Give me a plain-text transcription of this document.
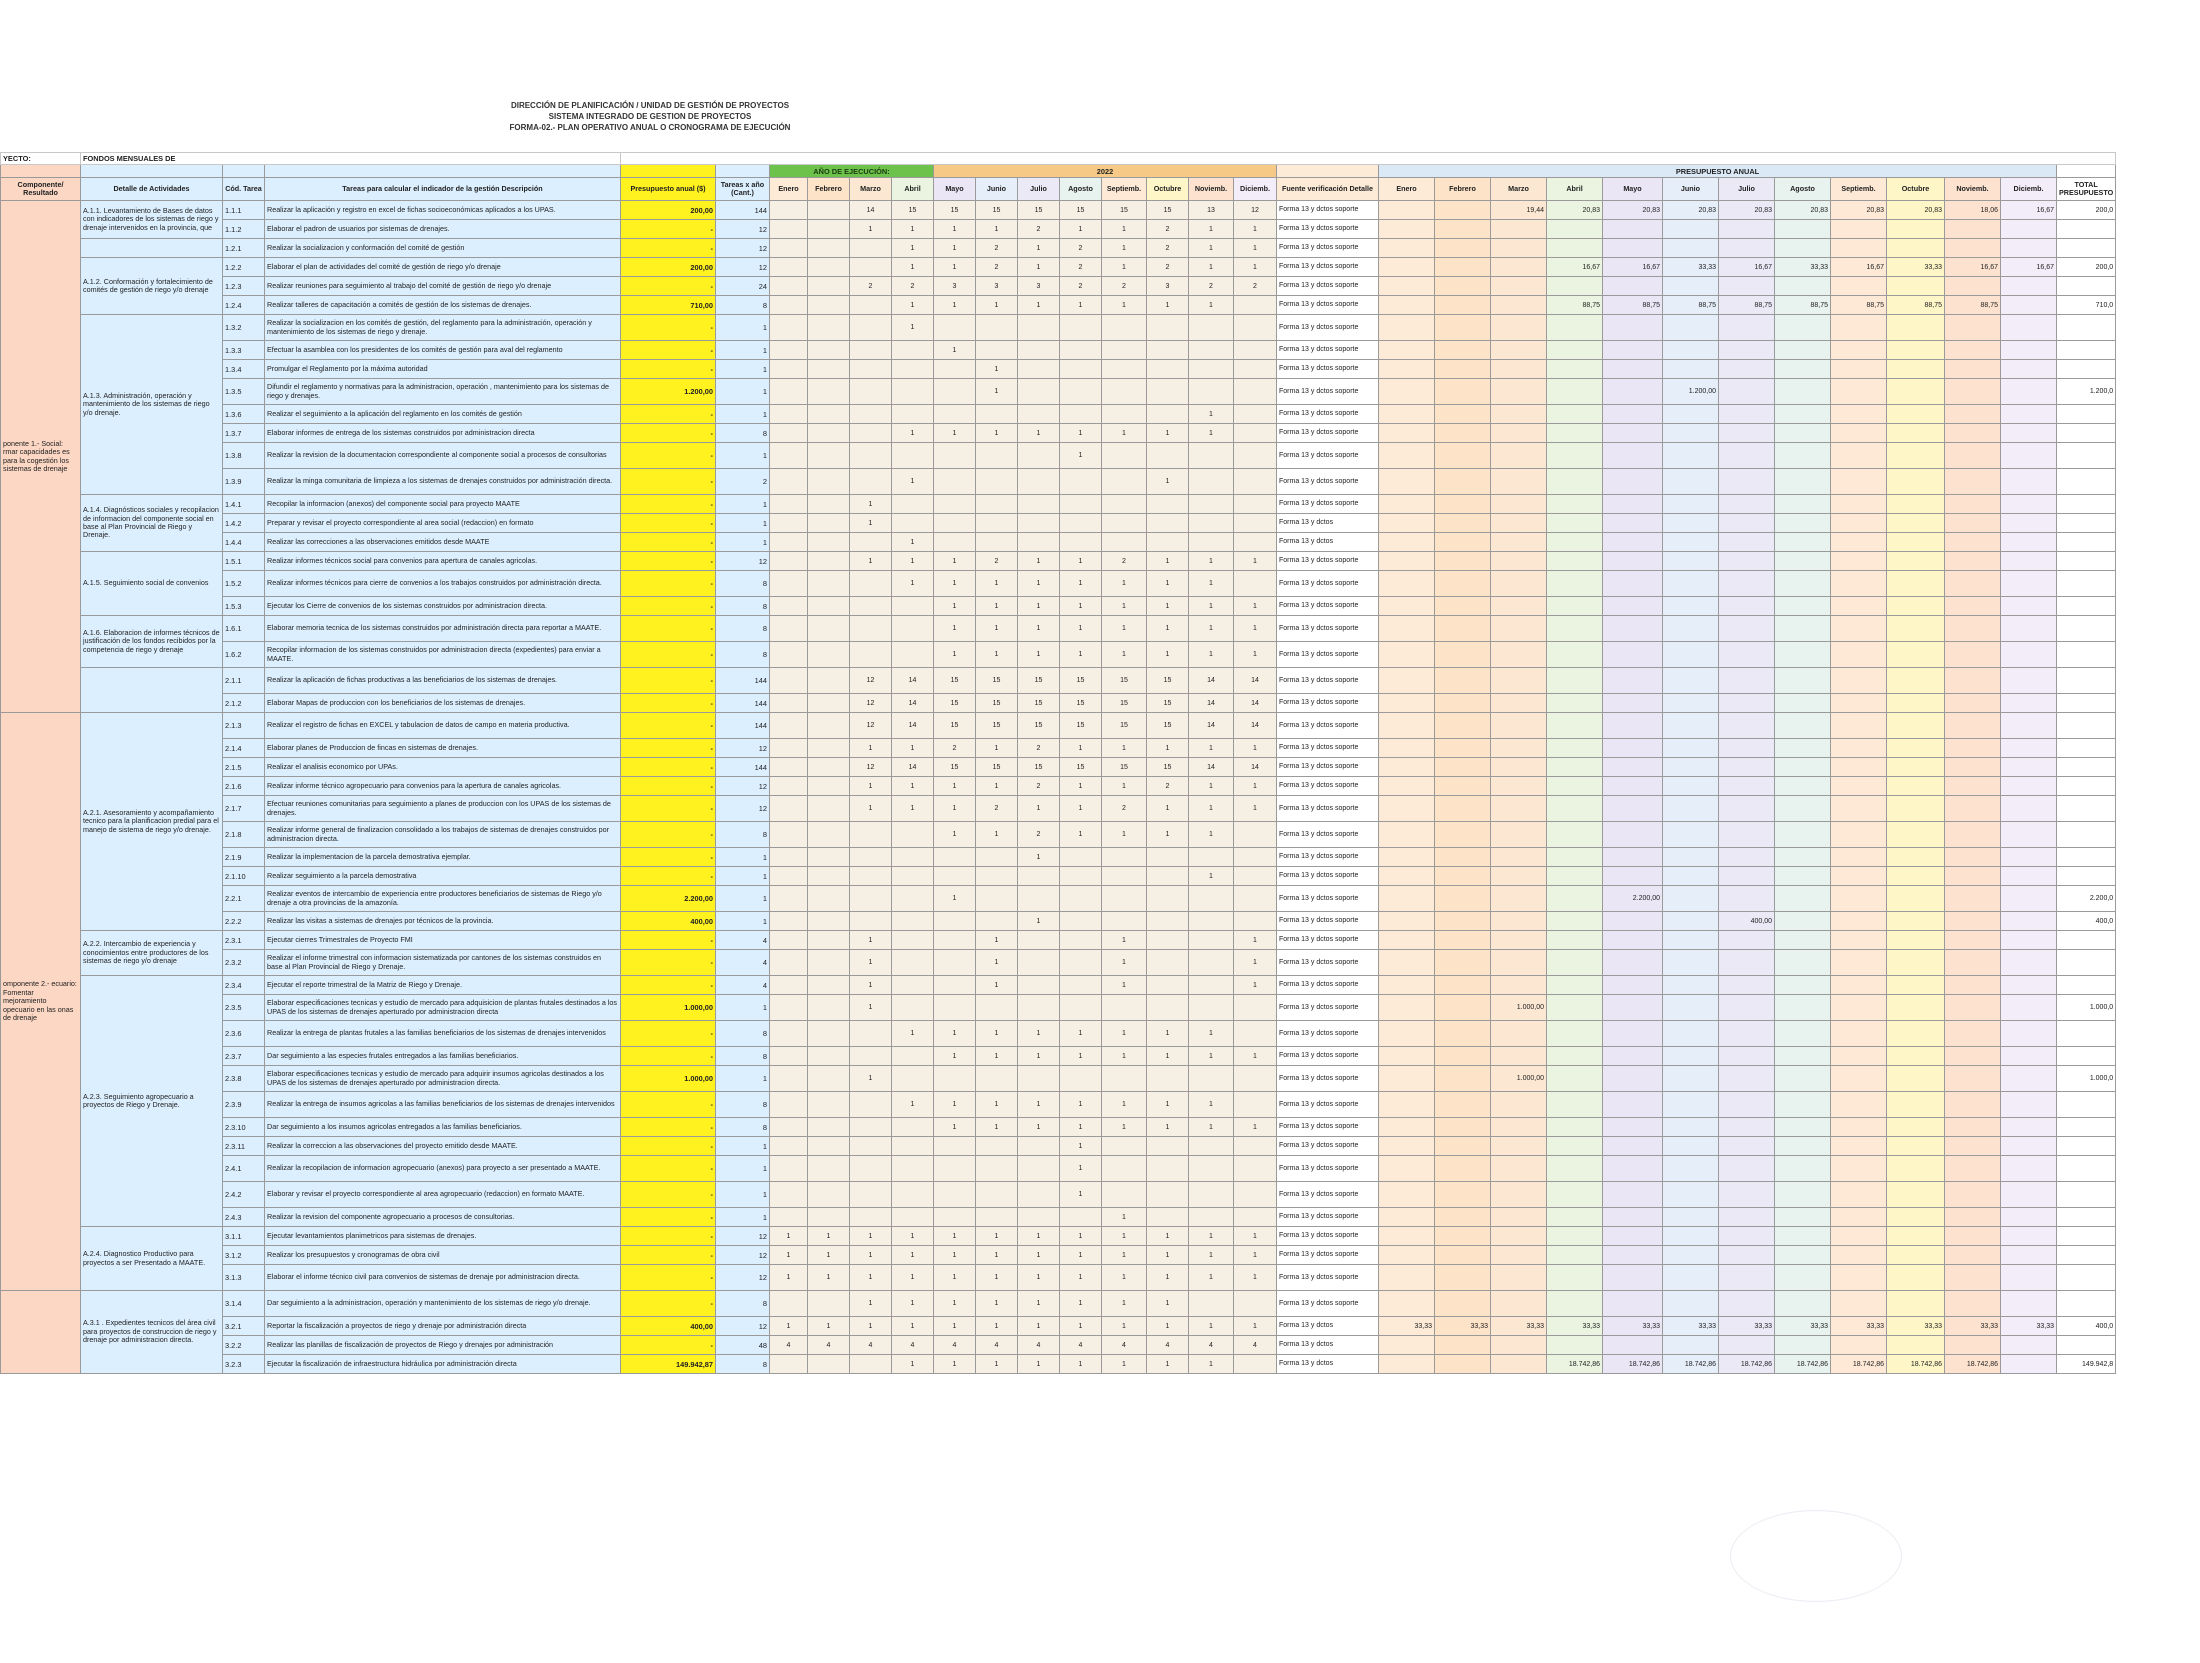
DIRECCIÓN DE PLANIFICACIÓN / UNIDAD DE GESTIÓN DE PROYECTOS
SISTEMA INTEGRADO DE GESTION DE PROYECTOS
FORMA-02.- PLAN OPERATIVO ANUAL O CRONOGRAMA DE EJECUCIÓN
YECTO:	FONDOS MENSUALES DE																														
						AÑO DE EJECUCIÓN:				2022									PRESUPUESTO ANUAL												
Componente/ Resultado	Detalle de Actividades	Cód. Tarea	Tareas para calcular el indicador de la gestión Descripción	Presupuesto anual ($)	Tareas x año (Cant.)	Enero	Febrero	Marzo	Abril	Mayo	Junio	Julio	Agosto	Septiemb.	Octubre	Noviemb.	Diciemb.	Fuente verificación Detalle	Enero	Febrero	Marzo	Abril	Mayo	Junio	Julio	Agosto	Septiemb.	Octubre	Noviemb.	Diciemb.	TOTAL PRESUPUESTO
ponente 1.- Social: rmar capacidades es para la cogestión los sistemas de drenaje	A.1.1. Levantamiento de Bases de datos con indicadores de los sistemas de riego y drenaje intervenidos en la provincia, que	1.1.1	Realizar la aplicación y registro en excel de fichas socioeconómicas aplicados a los UPAS.	200,00	144			14	15	15	15	15	15	15	15	13	12	Forma 13 y dctos soporte			19,44	20,83	20,83	20,83	20,83	20,83	20,83	20,83	18,06	16,67	200,0
		1.1.2	Elaborar el padron de usuarios por sistemas de drenajes.	-	12			1	1	1	1	2	1	1	2	1	1	Forma 13 y dctos soporte													
		1.2.1	Realizar la socializacion y conformación del comité de gestión	-	12				1	1	2	1	2	1	2	1	1	Forma 13 y dctos soporte													
	A.1.2. Conformación y fortalecimiento de comités de gestión de riego y/o drenaje	1.2.2	Elaborar el plan de actividades del comité de gestión de riego y/o drenaje	200,00	12				1	1	2	1	2	1	2	1	1	Forma 13 y dctos soporte				16,67	16,67	33,33	16,67	33,33	16,67	33,33	16,67	16,67	200,0
		1.2.3	Realizar reuniones para seguimiento al trabajo del comité de gestión de riego y/o drenaje	-	24			2	2	3	3	3	2	2	3	2	2	Forma 13 y dctos soporte													
		1.2.4	Realizar talleres de capacitación a comités de gestión de los sistemas de drenajes.	710,00	8				1	1	1	1	1	1	1	1		Forma 13 y dctos soporte				88,75	88,75	88,75	88,75	88,75	88,75	88,75	88,75		710,0
	A.1.3. Administración, operación y mantenimiento de los sistemas de riego y/o drenaje.	1.3.2	Realizar la socializacion en los comités de gestión, del reglamento para la administración, operación y mantenimiento de los sistemas de riego y drenaje.	-	1				1									Forma 13 y dctos soporte													
		1.3.3	Efectuar la asamblea con los presidentes de los comités de gestión para aval del reglamento	-	1					1								Forma 13 y dctos soporte													
		1.3.4	Promulgar el Reglamento por la máxima autoridad	-	1						1							Forma 13 y dctos soporte													
		1.3.5	Difundir el reglamento y normativas para la administracion, operación , mantenimiento para los sistemas de riego y drenajes.	1.200,00	1						1							Forma 13 y dctos soporte						1.200,00							1.200,0
		1.3.6	Realizar el seguimiento a la aplicación del reglamento en los comités de gestión	-	1											1		Forma 13 y dctos soporte													
		1.3.7	Elaborar informes de entrega de los sistemas construidos por administracion directa	-	8				1	1	1	1	1	1	1	1		Forma 13 y dctos soporte													
		1.3.8	Realizar la revision de la documentacion correspondiente al componente social a procesos de consultorias	-	1								1					Forma 13 y dctos soporte													
		1.3.9	Realizar la minga comunitaria de limpieza a los sistemas de drenajes construidos por administración directa.	-	2				1						1			Forma 13 y dctos soporte													
	A.1.4. Diagnósticos sociales y recopilacion de informacion del componente social en base al Plan Provincial de Riego y Drenaje.	1.4.1	Recopilar la informacion (anexos) del componente social para proyecto MAATE	-	1			1										Forma 13 y dctos soporte													
		1.4.2	Preparar y revisar el proyecto correspondiente al area social (redaccion) en formato	-	1			1										Forma 13 y dctos													
		1.4.4	Realizar las correcciones a las observaciones emitidos desde MAATE	-	1				1									Forma 13 y dctos													
	A.1.5. Seguimiento social de convenios	1.5.1	Realizar informes técnicos social para convenios para apertura de canales agricolas.	-	12			1	1	1	2	1	1	2	1	1	1	Forma 13 y dctos soporte													
		1.5.2	Realizar informes técnicos para cierre de convenios a los trabajos construidos por administración directa.	-	8				1	1	1	1	1	1	1	1		Forma 13 y dctos soporte													
		1.5.3	Ejecutar los Cierre de convenios de los sistemas construidos por administracion directa.	-	8					1	1	1	1	1	1	1	1	Forma 13 y dctos soporte													
	A.1.6. Elaboracion de informes técnicos de justificación de los fondos recibidos por la competencia de riego y drenaje	1.6.1	Elaborar memoria tecnica de los sistemas construidos por administración directa para reportar a MAATE.	-	8					1	1	1	1	1	1	1	1	Forma 13 y dctos soporte													
		1.6.2	Recopilar informacion de los sistemas construidos por administracion directa (expedientes) para enviar a MAATE.	-	8					1	1	1	1	1	1	1	1	Forma 13 y dctos soporte													
		2.1.1	Realizar la aplicación de fichas productivas a las beneficiarios de los sistemas de drenajes.	-	144			12	14	15	15	15	15	15	15	14	14	Forma 13 y dctos soporte													
		2.1.2	Elaborar Mapas de produccion con los beneficiarios de los sistemas de drenajes.	-	144			12	14	15	15	15	15	15	15	14	14	Forma 13 y dctos soporte													
omponente 2.- ecuario: Fomentar mejoramiento opecuario en las onas de drenaje	A.2.1. Asesoramiento y acompañamiento tecnico para la planificacion predial para el manejo de sistema de riego y/o drenaje.	2.1.3	Realizar el registro de fichas en EXCEL y tabulacion de datos de campo en materia productiva.	-	144			12	14	15	15	15	15	15	15	14	14	Forma 13 y dctos soporte													
		2.1.4	Elaborar planes de Produccion de fincas en sistemas de drenajes.	-	12			1	1	2	1	2	1	1	1	1	1	Forma 13 y dctos soporte													
		2.1.5	Realizar el analisis economico por UPAs.	-	144			12	14	15	15	15	15	15	15	14	14	Forma 13 y dctos soporte													
		2.1.6	Realizar informe técnico agropecuario para convenios para la apertura de canales agricolas.	-	12			1	1	1	1	2	1	1	2	1	1	Forma 13 y dctos soporte													
		2.1.7	Efectuar reuniones comunitarias para seguimiento a planes de produccion con los UPAS de los sistemas de drenajes.	-	12			1	1	1	2	1	1	2	1	1	1	Forma 13 y dctos soporte													
		2.1.8	Realizar informe general de finalizacion consolidado a los trabajos de sistemas de drenajes construidos por administracion directa.	-	8					1	1	2	1	1	1	1		Forma 13 y dctos soporte													
		2.1.9	Realizar la implementacion de la parcela demostrativa ejemplar.	-	1							1						Forma 13 y dctos soporte													
		2.1.10	Realizar seguimiento a la parcela demostrativa	-	1											1		Forma 13 y dctos soporte													
		2.2.1	Realizar eventos de intercambio de experiencia entre productores beneficiarios de sistemas de Riego y/o drenaje a otra provincias de la amazonía.	2.200,00	1					1								Forma 13 y dctos soporte					2.200,00								2.200,0
		2.2.2	Realizar las visitas a sistemas de drenajes por técnicos de la provincia.	400,00	1							1						Forma 13 y dctos soporte							400,00						400,0
	A.2.2. Intercambio de experiencia y conocimientos entre productores de los sistemas de riego y/o drenaje	2.3.1	Ejecutar cierres Trimestrales de Proyecto FMI	-	4			1			1			1			1	Forma 13 y dctos soporte													
		2.3.2	Realizar el informe trimestral con informacion sistematizada por cantones de los sistemas construidos en base al Plan Provincial de Riego y Drenaje.	-	4			1			1			1			1	Forma 13 y dctos soporte													
	A.2.3. Seguimiento agropecuario a proyectos de Riego y Drenaje.	2.3.4	Ejecutar el reporte trimestral de la Matriz de Riego y Drenaje.	-	4			1			1			1			1	Forma 13 y dctos soporte													
		2.3.5	Elaborar especificaciones tecnicas y estudio de mercado para adquisicion de plantas frutales destinados a los UPAS de los sistemas de drenajes aperturado por administracion directa	1.000,00	1			1										Forma 13 y dctos soporte			1.000,00										1.000,0
		2.3.6	Realizar la entrega de plantas frutales a las familias beneficiarios de los sistemas de drenajes intervenidos	-	8				1	1	1	1	1	1	1	1		Forma 13 y dctos soporte													
		2.3.7	Dar seguimiento a las especies frutales entregados a las familias beneficiarios.	-	8					1	1	1	1	1	1	1	1	Forma 13 y dctos soporte													
		2.3.8	Elaborar especificaciones tecnicas y estudio de mercado para adquirir insumos agricolas destinados a los UPAS de los sistemas de drenajes aperturado por administracion directa.	1.000,00	1			1										Forma 13 y dctos soporte			1.000,00										1.000,0
		2.3.9	Realizar la entrega de insumos agricolas a las familias beneficiarios de los sistemas de drenajes intervenidos	-	8				1	1	1	1	1	1	1	1		Forma 13 y dctos soporte													
		2.3.10	Dar seguimiento a los insumos agricolas entregados a las familias beneficiarios.	-	8					1	1	1	1	1	1	1	1	Forma 13 y dctos soporte													
		2.3.11	Realizar la correccion a las observaciones del proyecto emitido desde MAATE.	-	1								1					Forma 13 y dctos soporte													
		2.4.1	Realizar la recopilacion de informacion agropecuario (anexos) para proyecto a ser presentado a MAATE.	-	1								1					Forma 13 y dctos soporte													
		2.4.2	Elaborar y revisar el proyecto correspondiente al area agropecuario (redaccion) en formato MAATE.	-	1								1					Forma 13 y dctos soporte													
		2.4.3	Realizar la revision del componente agropecuario a procesos de consultorias.	-	1									1				Forma 13 y dctos soporte													
	A.2.4. Diagnostico Productivo para proyectos a ser Presentado a MAATE.	3.1.1	Ejecutar levantamientos planimetricos para sistemas de drenajes.	-	12	1	1	1	1	1	1	1	1	1	1	1	1	Forma 13 y dctos soporte													
		3.1.2	Realizar los presupuestos y cronogramas de obra civil	-	12	1	1	1	1	1	1	1	1	1	1	1	1	Forma 13 y dctos soporte													
		3.1.3	Elaborar el informe técnico civil para convenios de sistemas de drenaje por administracion directa.	-	12	1	1	1	1	1	1	1	1	1	1	1	1	Forma 13 y dctos soporte													
	A.3.1 . Expedientes tecnicos del área civil para proyectos de construccion de riego y drenaje por administracion directa.	3.1.4	Dar seguimiento a la administracion, operación y mantenimiento de los sistemas de riego y/o drenaje.	-	8			1	1	1	1	1	1	1	1			Forma 13 y dctos soporte													
		3.2.1	Reportar la fiscalización a proyectos de riego y drenaje por administración directa	400,00	12	1	1	1	1	1	1	1	1	1	1	1	1	Forma 13 y dctos	33,33	33,33	33,33	33,33	33,33	33,33	33,33	33,33	33,33	33,33	33,33	33,33	400,0
		3.2.2	Realizar las planillas de fiscalización de proyectos de Riego y drenajes por administración	-	48	4	4	4	4	4	4	4	4	4	4	4	4	Forma 13 y dctos													
		3.2.3	Ejecutar la fiscalización de infraestructura hidráulica por administración directa	149.942,87	8				1	1	1	1	1	1	1	1		Forma 13 y dctos				18.742,86	18.742,86	18.742,86	18.742,86	18.742,86	18.742,86	18.742,86	18.742,86		149.942,8
